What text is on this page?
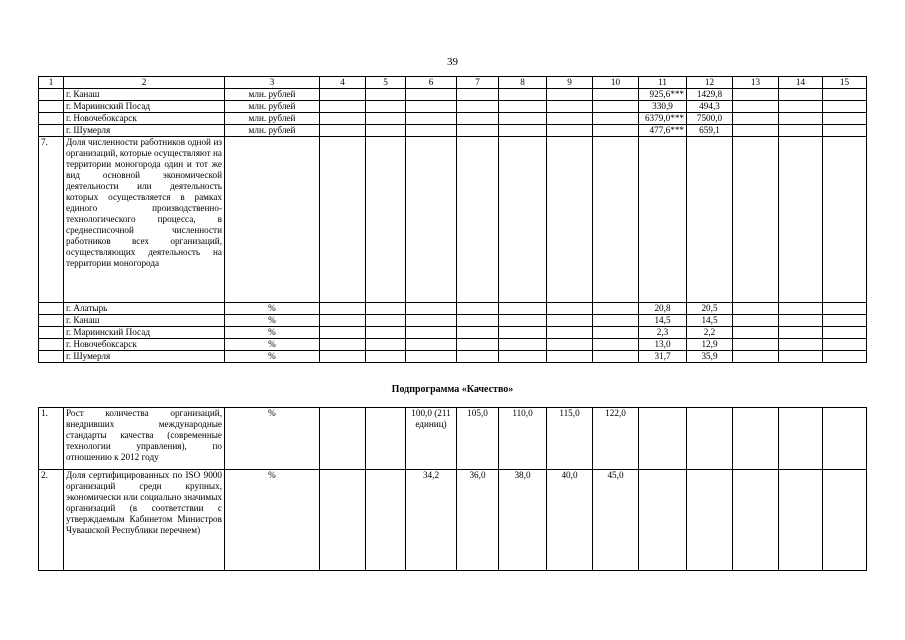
39
1	2	3	4	5	6	7	8	9	10	11	12	13	14	15
	г. Канаш	млн. рублей								925,6***	1429,8			
	г. Мариинский Посад	млн. рублей								330,9	494,3			
	г. Новочебоксарск	млн. рублей								6379,0***	7500,0			
	г. Шумерля	млн. рублей								477,6***	659,1			
7.	Доля численности работников одной из организаций, которые осуществляют на территории моногорода один и тот же вид основной экономической деятельности или деятельность которых осуществляется в рамках единого производственно-технологического процесса, в среднесписочной численности работников всех организаций, осуществляющих деятельность на территории моногорода													
	г. Алатырь	%								20,8	20,5			
	г. Канаш	%								14,5	14,5			
	г. Мариинский Посад	%								2,3	2,2			
	г. Новочебоксарск	%								13,0	12,9			
	г. Шумерля	%								31,7	35,9			
Подпрограмма «Качество»
1.	Рост количества организаций, внедривших международные стандарты качества (современные технологии управления), по отношению к 2012 году	%			100,0 (211 единиц)	105,0	110,0	115,0	122,0					
2.	Доля сертифицированных по ISO 9000 организаций среди крупных, экономически или социально значимых организаций (в соответствии с утверждаемым Кабинетом Министров Чувашской Республики перечнем)	%			34,2	36,0	38,0	40,0	45,0					
